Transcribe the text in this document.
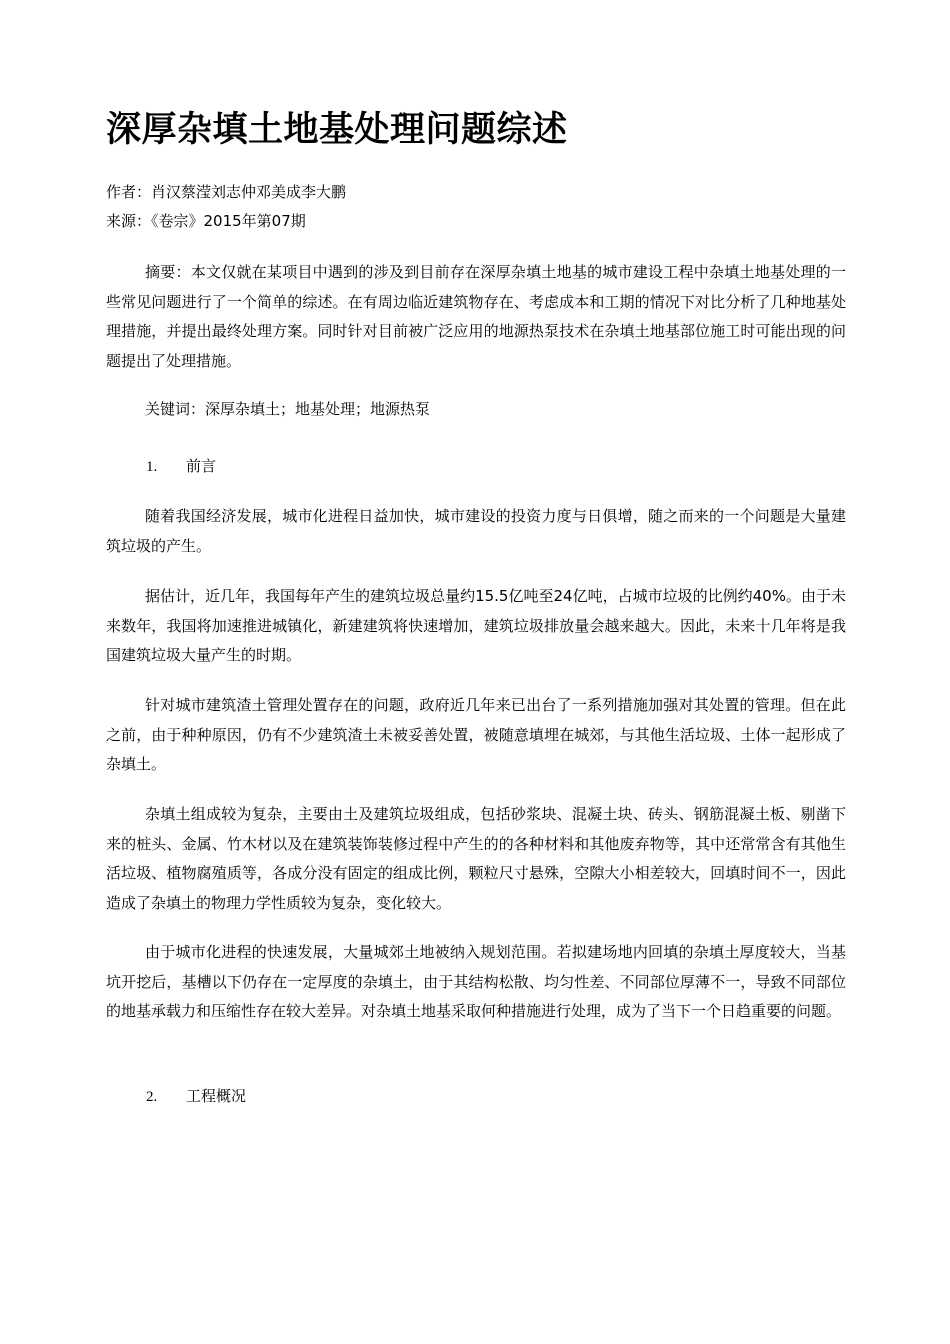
深厚杂填土地基处理问题综述
作者：肖汉蔡滢刘志仲邓美成李大鹏
来源：《卷宗》2015年第07期

摘要：本文仅就在某项目中遇到的涉及到目前存在深厚杂填土地基的城市建设工程中杂填土地基处理的一些常见问题进行了一个简单的综述。在有周边临近建筑物存在、考虑成本和工期的情况下对比分析了几种地基处理措施，并提出最终处理方案。同时针对目前被广泛应用的地源热泵技术在杂填土地基部位施工时可能出现的问题提出了处理措施。

关键词：深厚杂填土；地基处理；地源热泵

1. 前言

随着我国经济发展，城市化进程日益加快，城市建设的投资力度与日俱增，随之而来的一个问题是大量建筑垃圾的产生。

据估计，近几年，我国每年产生的建筑垃圾总量约15.5亿吨至24亿吨，占城市垃圾的比例约40%。由于未来数年，我国将加速推进城镇化，新建建筑将快速增加，建筑垃圾排放量会越来越大。因此，未来十几年将是我国建筑垃圾大量产生的时期。

针对城市建筑渣土管理处置存在的问题，政府近几年来已出台了一系列措施加强对其处置的管理。但在此之前，由于种种原因，仍有不少建筑渣土未被妥善处置，被随意填埋在城郊，与其他生活垃圾、土体一起形成了杂填土。

杂填土组成较为复杂，主要由土及建筑垃圾组成，包括砂浆块、混凝土块、砖头、钢筋混凝土板、剔凿下来的桩头、金属、竹木材以及在建筑装饰装修过程中产生的的各种材料和其他废弃物等，其中还常常含有其他生活垃圾、植物腐殖质等，各成分没有固定的组成比例，颗粒尺寸悬殊，空隙大小相差较大，回填时间不一，因此造成了杂填土的物理力学性质较为复杂，变化较大。

由于城市化进程的快速发展，大量城郊土地被纳入规划范围。若拟建场地内回填的杂填土厚度较大，当基坑开挖后，基槽以下仍存在一定厚度的杂填土，由于其结构松散、均匀性差、不同部位厚薄不一，导致不同部位的地基承载力和压缩性存在较大差异。对杂填土地基采取何种措施进行处理，成为了当下一个日趋重要的问题。

2. 工程概况
